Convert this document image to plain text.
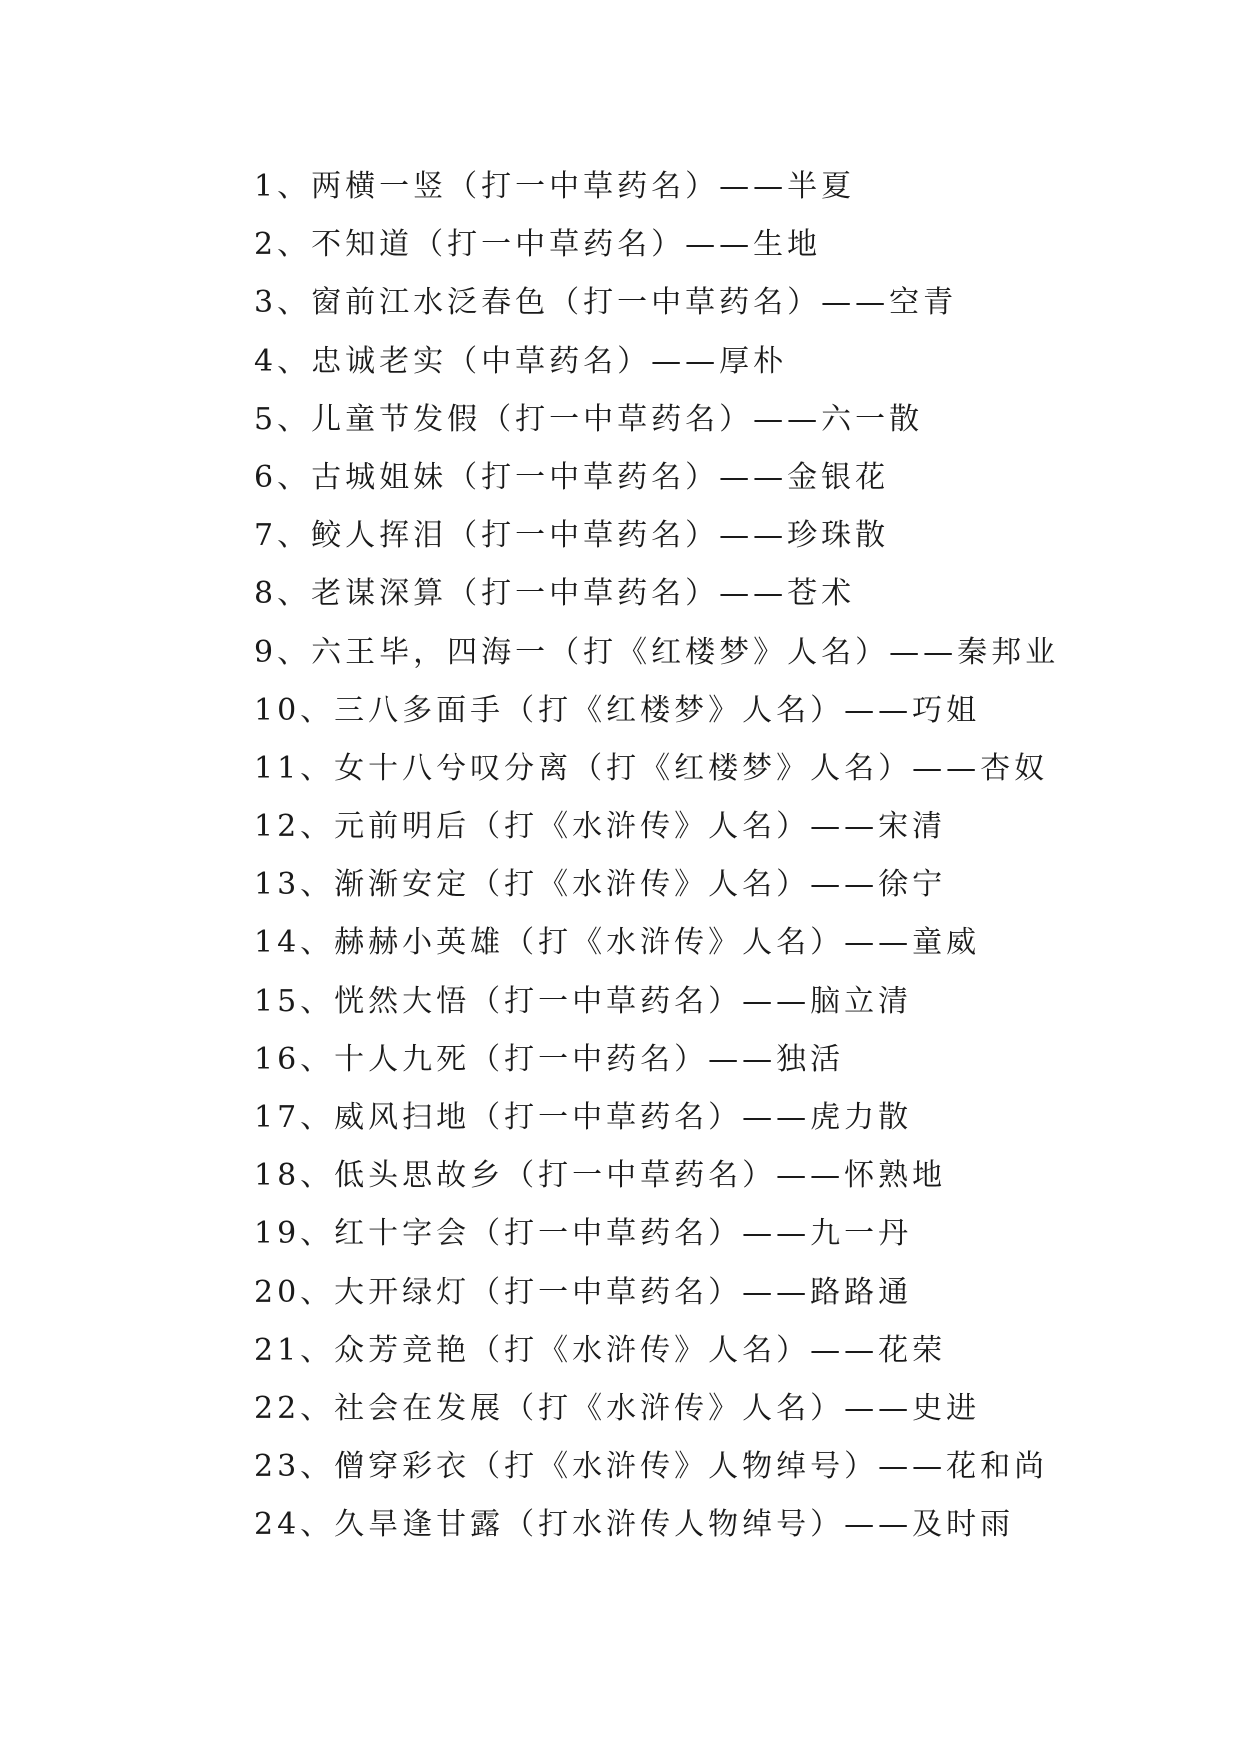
1、两横一竖（打一中草药名）——半夏
2、不知道（打一中草药名）——生地
3、窗前江水泛春色（打一中草药名）——空青
4、忠诚老实（中草药名）——厚朴
5、儿童节发假（打一中草药名）——六一散
6、古城姐妹（打一中草药名）——金银花
7、鲛人挥泪（打一中草药名）——珍珠散
8、老谋深算（打一中草药名）——苍术
9、六王毕，四海一（打《红楼梦》人名）——秦邦业
10、三八多面手（打《红楼梦》人名）——巧姐
11、女十八兮叹分离（打《红楼梦》人名）——杏奴
12、元前明后（打《水浒传》人名）——宋清
13、渐渐安定（打《水浒传》人名）——徐宁
14、赫赫小英雄（打《水浒传》人名）——童威
15、恍然大悟（打一中草药名）——脑立清
16、十人九死（打一中药名）——独活
17、威风扫地（打一中草药名）——虎力散
18、低头思故乡（打一中草药名）——怀熟地
19、红十字会（打一中草药名）——九一丹
20、大开绿灯（打一中草药名）——路路通
21、众芳竞艳（打《水浒传》人名）——花荣
22、社会在发展（打《水浒传》人名）——史进
23、僧穿彩衣（打《水浒传》人物绰号）——花和尚
24、久旱逢甘露（打水浒传人物绰号）——及时雨
